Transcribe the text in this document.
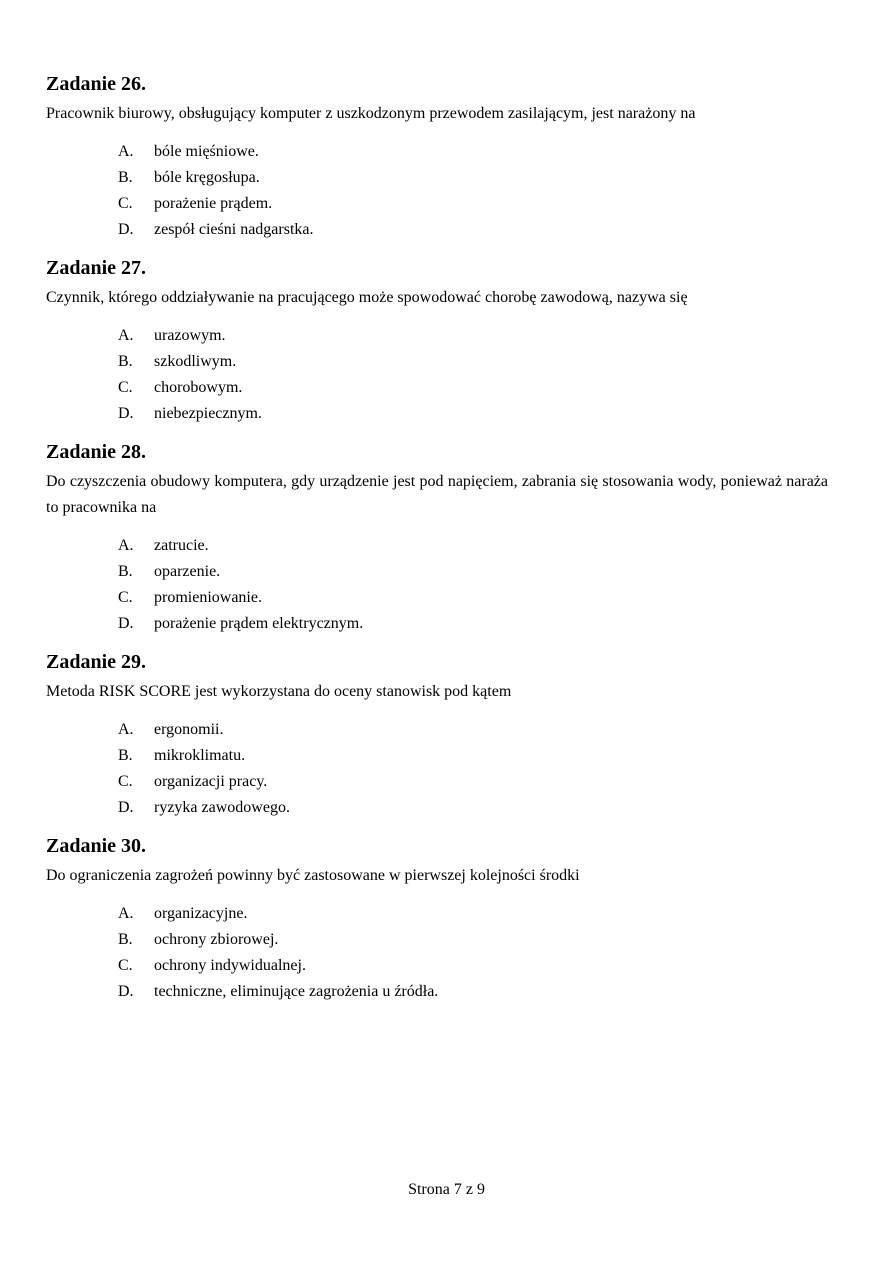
Zadanie 26.

Pracownik biurowy, obsługujący komputer z uszkodzonym przewodem zasilającym, jest narażony na

A.	bóle mięśniowe.
B.	bóle kręgosłupa.
C.	porażenie prądem.
D.	zespół cieśni nadgarstka.
Zadanie 27.

Czynnik, którego oddziaływanie na pracującego może spowodować chorobę zawodową, nazywa się

A.	urazowym.
B.	szkodliwym.
C.	chorobowym.
D.	niebezpiecznym.
Zadanie 28.

Do czyszczenia obudowy komputera, gdy urządzenie jest pod napięciem, zabrania się stosowania wody, ponieważ naraża to pracownika na

A.	zatrucie.
B.	oparzenie.
C.	promieniowanie.
D.	porażenie prądem elektrycznym.
Zadanie 29.

Metoda RISK SCORE jest wykorzystana do oceny stanowisk pod kątem

A.	ergonomii.
B.	mikroklimatu.
C.	organizacji pracy.
D.	ryzyka zawodowego.
Zadanie 30.

Do ograniczenia zagrożeń powinny być zastosowane w pierwszej kolejności środki

A.	organizacyjne.
B.	ochrony zbiorowej.
C.	ochrony indywidualnej.
D.	techniczne, eliminujące zagrożenia u źródła.
Strona 7 z 9
